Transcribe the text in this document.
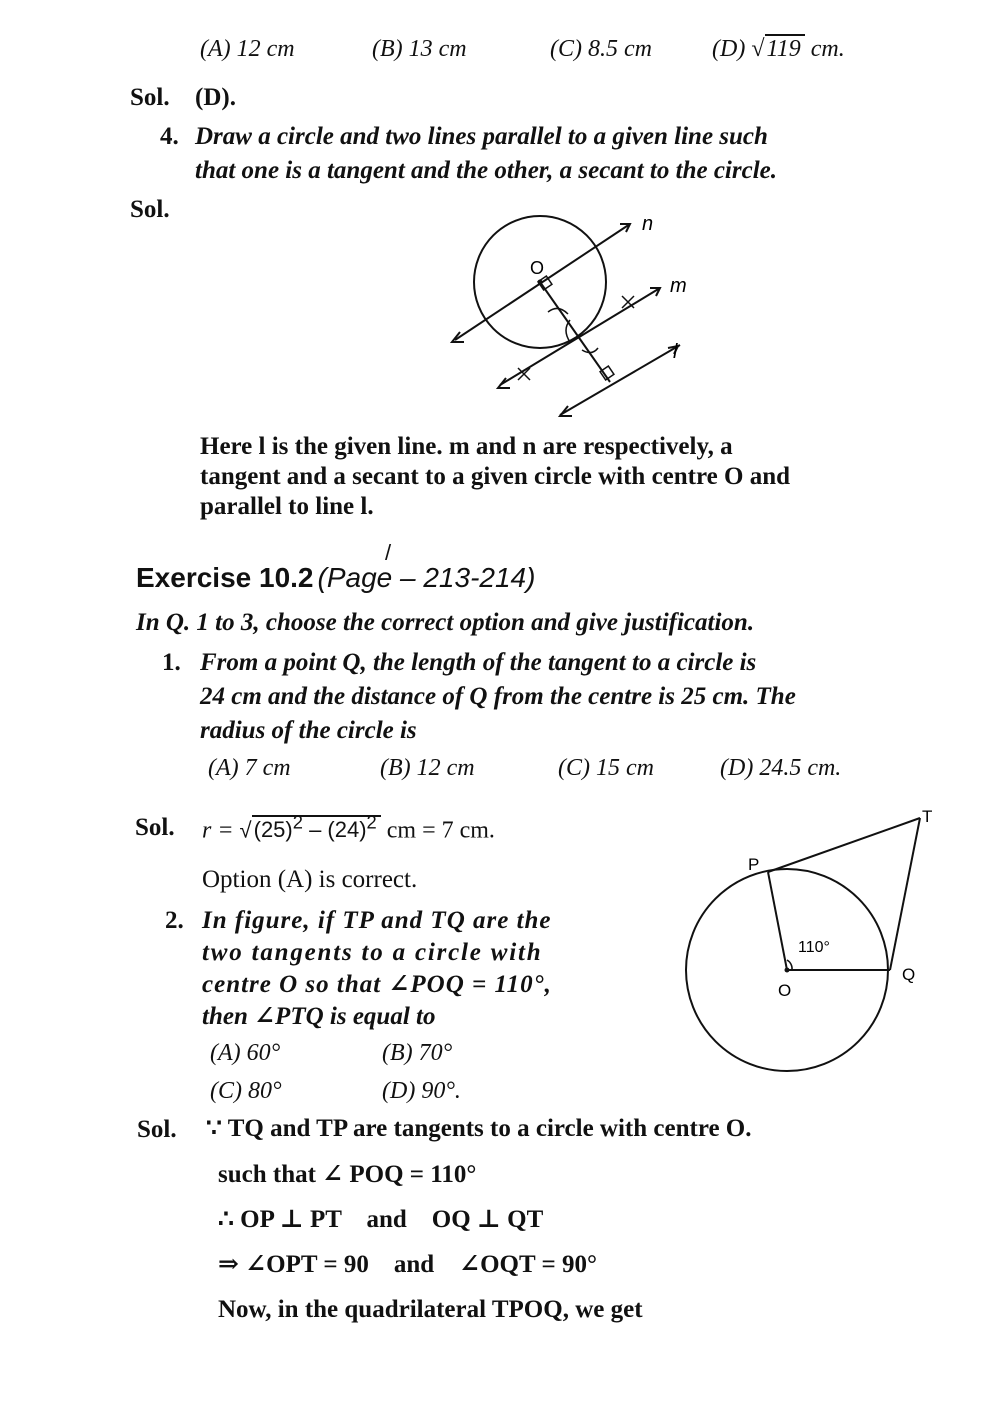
(A) 12 cm	(B) 13 cm	(C) 8.5 cm	(D) √119 cm.
Sol. (D).
4. Draw a circle and two lines parallel to a given line such
that one is a tangent and the other, a secant to the circle.
Sol.
O
n
m
l
Here l is the given line. m and n are respectively, a
tangent and a secant to a given circle with centre O and
parallel to line l.
/
Exercise 10.2 (Page – 213-214)
In Q. 1 to 3, choose the correct option and give justification.
1. From a point Q, the length of the tangent to a circle is
24 cm and the distance of Q from the centre is 25 cm. The
radius of the circle is
(A) 7 cm	(B) 12 cm	(C) 15 cm	(D) 24.5 cm.
Sol. $r = √(25)^2 - (24)^2$ cm = 7 cm.
Option (A) is correct.
2. In figure, if TP and TQ are the
two tangents to a circle with
centre O so that ∠POQ = 110°,
then ∠PTQ is equal to
(A) 60°	(B) 70°
(C) 80°	(D) 90°.
P
T
Q
O
110°
Sol. ∵ TQ and TP are tangents to a circle with centre O.
such that ∠ POQ = 110°
∴ OP ⊥ PT    and    OQ ⊥ QT
⇒ ∠OPT = 90    and    ∠OQT = 90°
Now, in the quadrilateral TPOQ, we get
